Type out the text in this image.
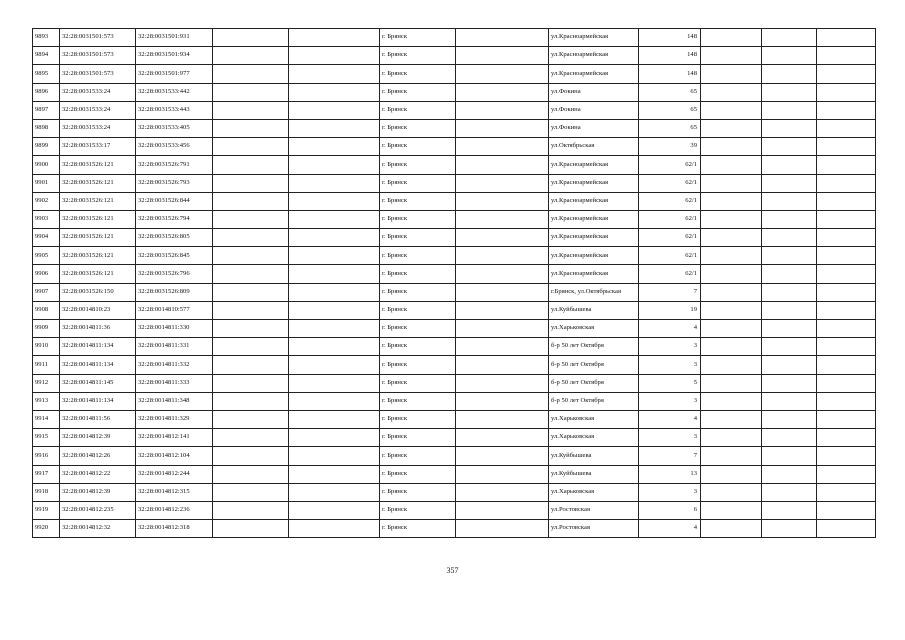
9893	32:28:0031501:573	32:28:0031501:931			г. Брянск		ул.Красноармейская	148			
9894	32:28:0031501:573	32:28:0031501:934			г. Брянск		ул.Красноармейская	148			
9895	32:28:0031501:573	32:28:0031501:977			г. Брянск		ул.Красноармейская	148			
9896	32:28:0031533:24	32:28:0031533:442			г. Брянск		ул.Фокина	65			
9897	32:28:0031533:24	32:28:0031533:443			г. Брянск		ул.Фокина	65			
9898	32:28:0031533:24	32:28:0031533:405			г. Брянск		ул.Фокина	65			
9899	32:28:0031533:17	32:28:0031533:456			г. Брянск		ул.Октябрьская	39			
9900	32:28:0031526:121	32:28:0031526:791			г. Брянск		ул.Красноармейская	62/1			
9901	32:28:0031526:121	32:28:0031526:793			г. Брянск		ул.Красноармейская	62/1			
9902	32:28:0031526:121	32:28:0031526:844			г. Брянск		ул.Красноармейская	62/1			
9903	32:28:0031526:121	32:28:0031526:794			г. Брянск		ул.Красноармейская	62/1			
9904	32:28:0031526:121	32:28:0031526:805			г. Брянск		ул.Красноармейская	62/1			
9905	32:28:0031526:121	32:28:0031526:845			г. Брянск		ул.Красноармейская	62/1			
9906	32:28:0031526:121	32:28:0031526:796			г. Брянск		ул.Красноармейская	62/1			
9907	32:28:0031526:150	32:28:0031526:809			г. Брянск		г.Брянск, ул.Октябрьская	7			
9908	32:28:0014810:23	32:28:0014810:577			г. Брянск		ул.Куйбышева	19			
9909	32:28:0014811:36	32:28:0014811:330			г. Брянск		ул.Харьковская	4			
9910	32:28:0014811:134	32:28:0014811:331			г. Брянск		б-р 50 лет Октября	3			
9911	32:28:0014811:134	32:28:0014811:332			г. Брянск		б-р 50 лет Октября	3			
9912	32:28:0014811:145	32:28:0014811:333			г. Брянск		б-р 50 лет Октября	5			
9913	32:28:0014811:134	32:28:0014811:348			г. Брянск		б-р 50 лет Октября	3			
9914	32:28:0014811:56	32:28:0014811:329			г. Брянск		ул.Харьковская	4			
9915	32:28:0014812:39	32:28:0014812:141			г. Брянск		ул.Харьковская	3			
9916	32:28:0014812:26	32:28:0014812:104			г. Брянск		ул.Куйбышева	7			
9917	32:28:0014812:22	32:28:0014812:244			г. Брянск		ул.Куйбышева	13			
9918	32:28:0014812:39	32:28:0014812:315			г. Брянск		ул.Харьковская	3			
9919	32:28:0014812:235	32:28:0014812:236			г. Брянск		ул.Ростовская	6			
9920	32:28:0014812:32	32:28:0014812:318			г. Брянск		ул.Ростовская	4			
357
